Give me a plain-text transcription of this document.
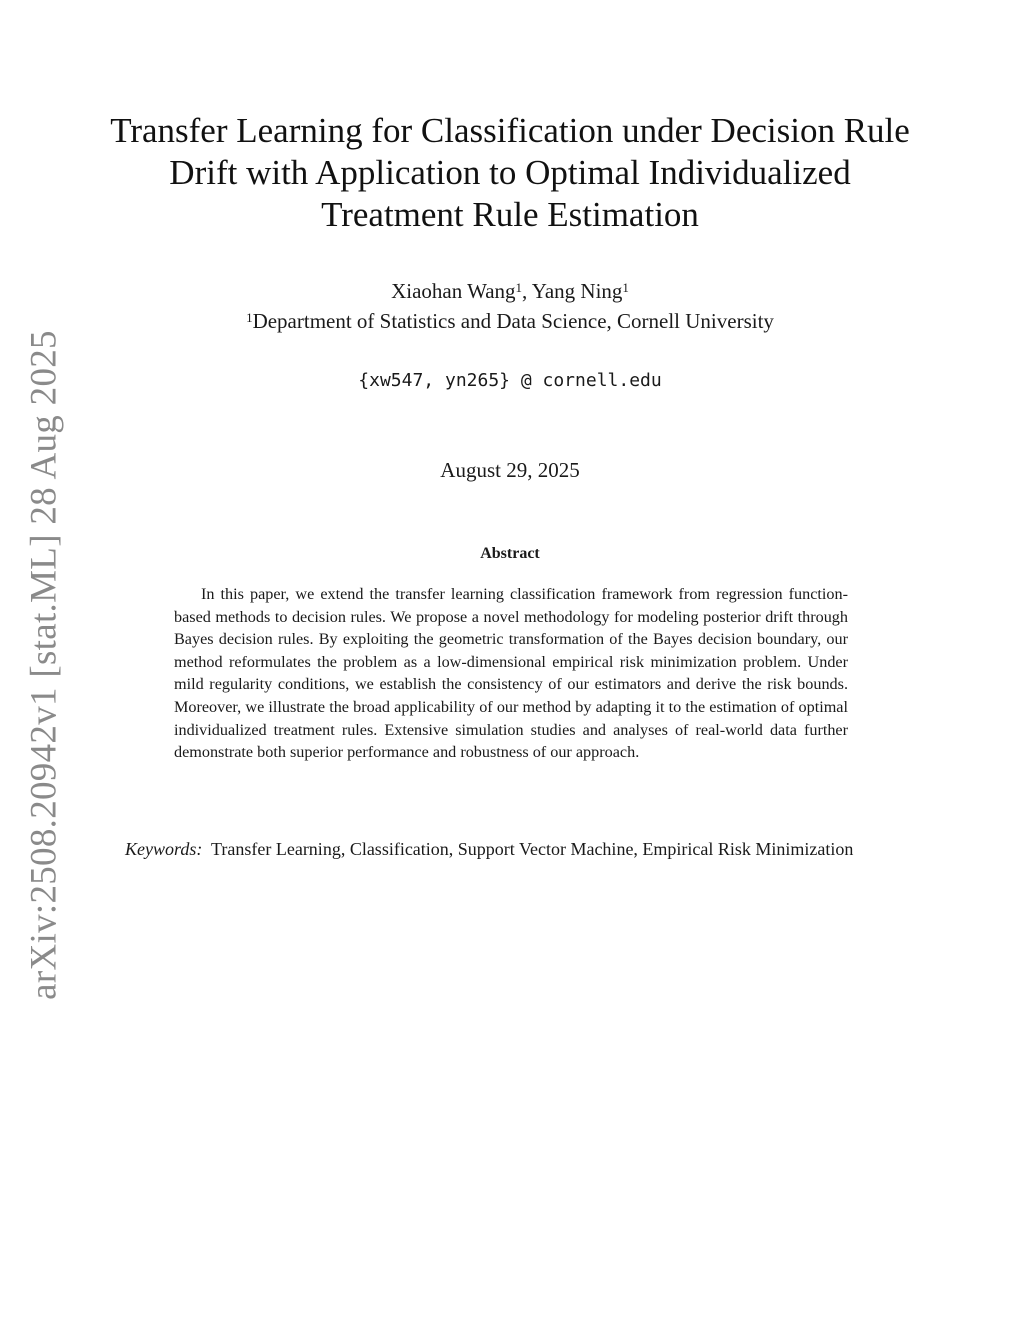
arXiv:2508.20942v1 [stat.ML] 28 Aug 2025
Transfer Learning for Classification under Decision Rule
Drift with Application to Optimal Individualized
Treatment Rule Estimation
Xiaohan Wang$^1$, Yang Ning$^1$
$^1$Department of Statistics and Data Science, Cornell University
{xw547, yn265} @ cornell.edu
August 29, 2025
Abstract
In this paper, we extend the transfer learning classification framework from regression function-based methods to decision rules. We propose a novel methodology for modeling posterior drift through Bayes decision rules. By exploiting the geometric transformation of the Bayes decision boundary, our method reformulates the problem as a low-dimensional empirical risk minimization problem. Under mild regularity conditions, we establish the consistency of our estimators and derive the risk bounds. Moreover, we illustrate the broad applicability of our method by adapting it to the estimation of optimal individualized treatment rules. Extensive simulation studies and analyses of real-world data further demonstrate both superior performance and robustness of our approach.
Keywords: Transfer Learning, Classification, Support Vector Machine, Empirical Risk Minimization
